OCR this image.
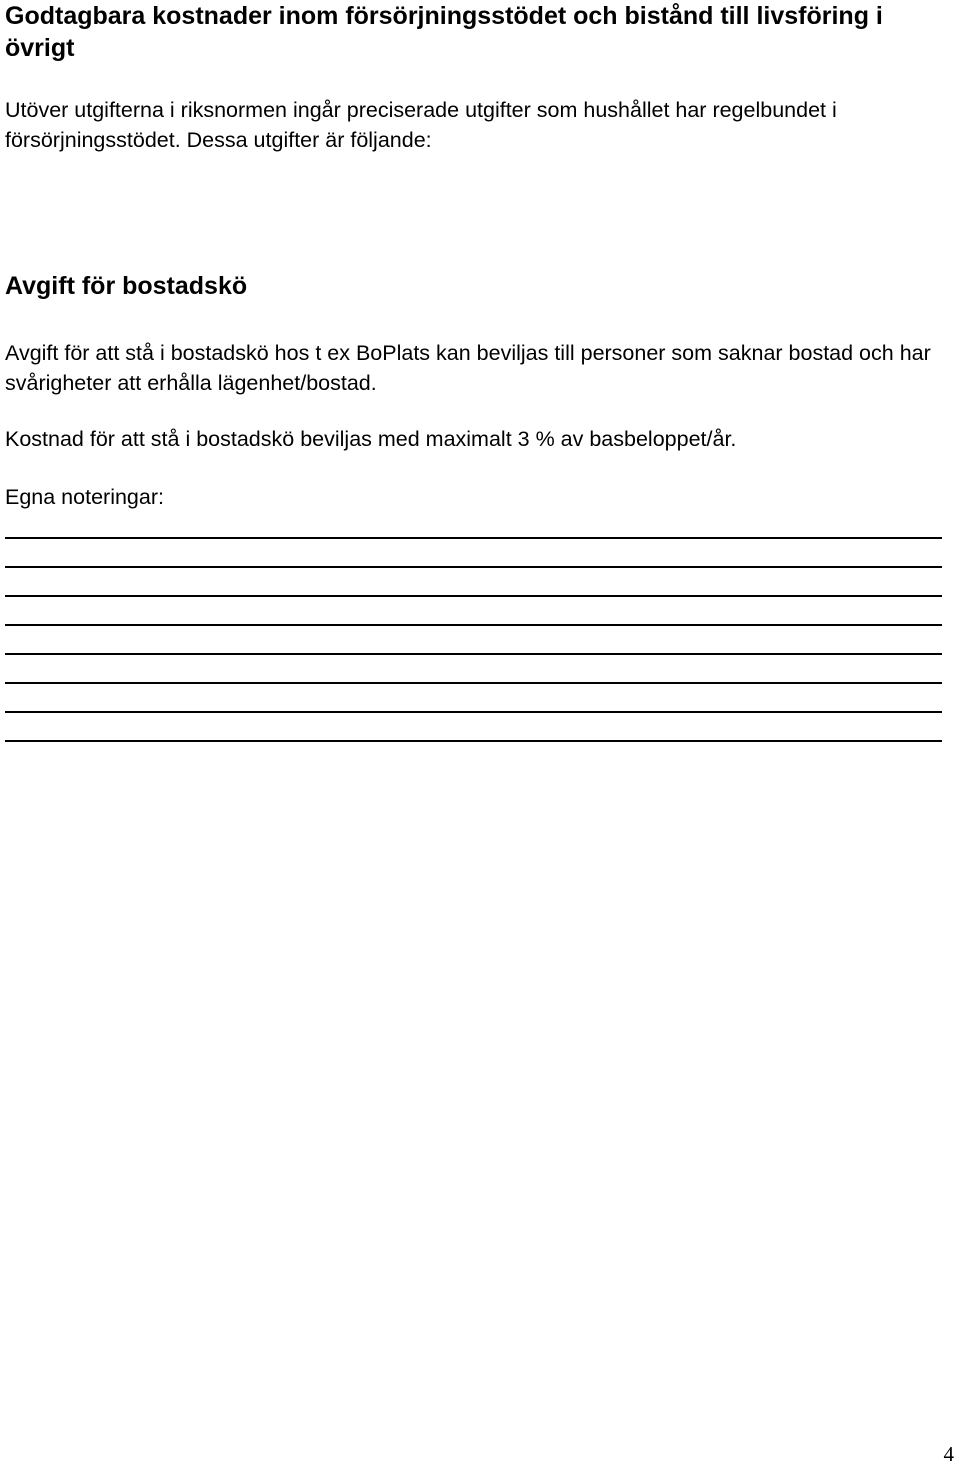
Godtagbara kostnader inom försörjningsstödet och bistånd till livsföring i övrigt

Utöver utgifterna i riksnormen ingår preciserade utgifter som hushållet har regelbundet i försörjningsstödet. Dessa utgifter är följande:

Avgift för bostadskö

Avgift för att stå i bostadskö hos t ex BoPlats kan beviljas till personer som saknar bostad och har svårigheter att erhålla lägenhet/bostad.

Kostnad för att stå i bostadskö beviljas med maximalt 3 % av basbeloppet/år.

Egna noteringar:

4
